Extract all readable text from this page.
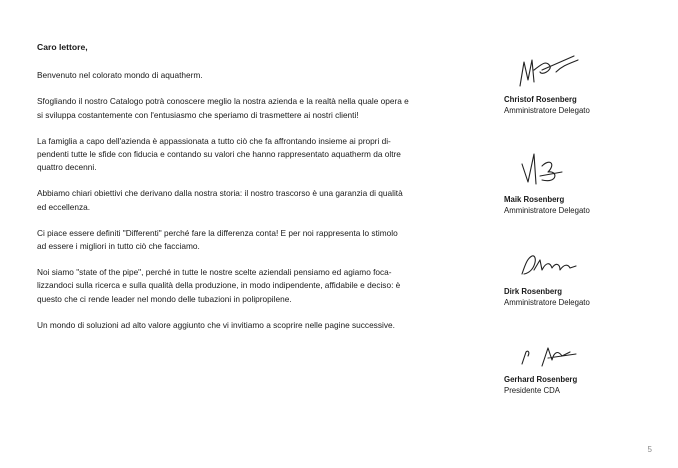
Caro lettore,

Benvenuto nel colorato mondo di aquatherm.

Sfogliando il nostro Catalogo potrà conoscere meglio la nostra azienda e la realtà nella quale opera e
si sviluppa costantemente con l'entusiasmo che speriamo di trasmettere ai nostri clienti!

La famiglia a capo dell'azienda è appassionata a tutto ciò che fa affrontando insieme ai propri di-
pendenti tutte le sfide con fiducia e contando su valori che hanno rappresentato aquatherm da oltre
quattro decenni.

Abbiamo chiari obiettivi che derivano dalla nostra storia: il nostro trascorso è una garanzia di qualità
ed eccellenza.

Ci piace essere definiti "Differenti" perché fare la differenza conta! E per noi rappresenta lo stimolo
ad essere i migliori in tutto ciò che facciamo.

Noi siamo "state of the pipe", perché in tutte le nostre scelte aziendali pensiamo ed agiamo foca-
lizzandoci sulla ricerca e sulla qualità della produzione, in modo indipendente, affidabile e deciso: è
questo che ci rende leader nel mondo delle tubazioni in polipropilene.

Un mondo di soluzioni ad alto valore aggiunto che vi invitiamo a scoprire nelle pagine successive.

Christof Rosenberg
Amministratore Delegato
Maik Rosenberg
Amministratore Delegato
Dirk Rosenberg
Amministratore Delegato
Gerhard Rosenberg
Presidente CDA
5
